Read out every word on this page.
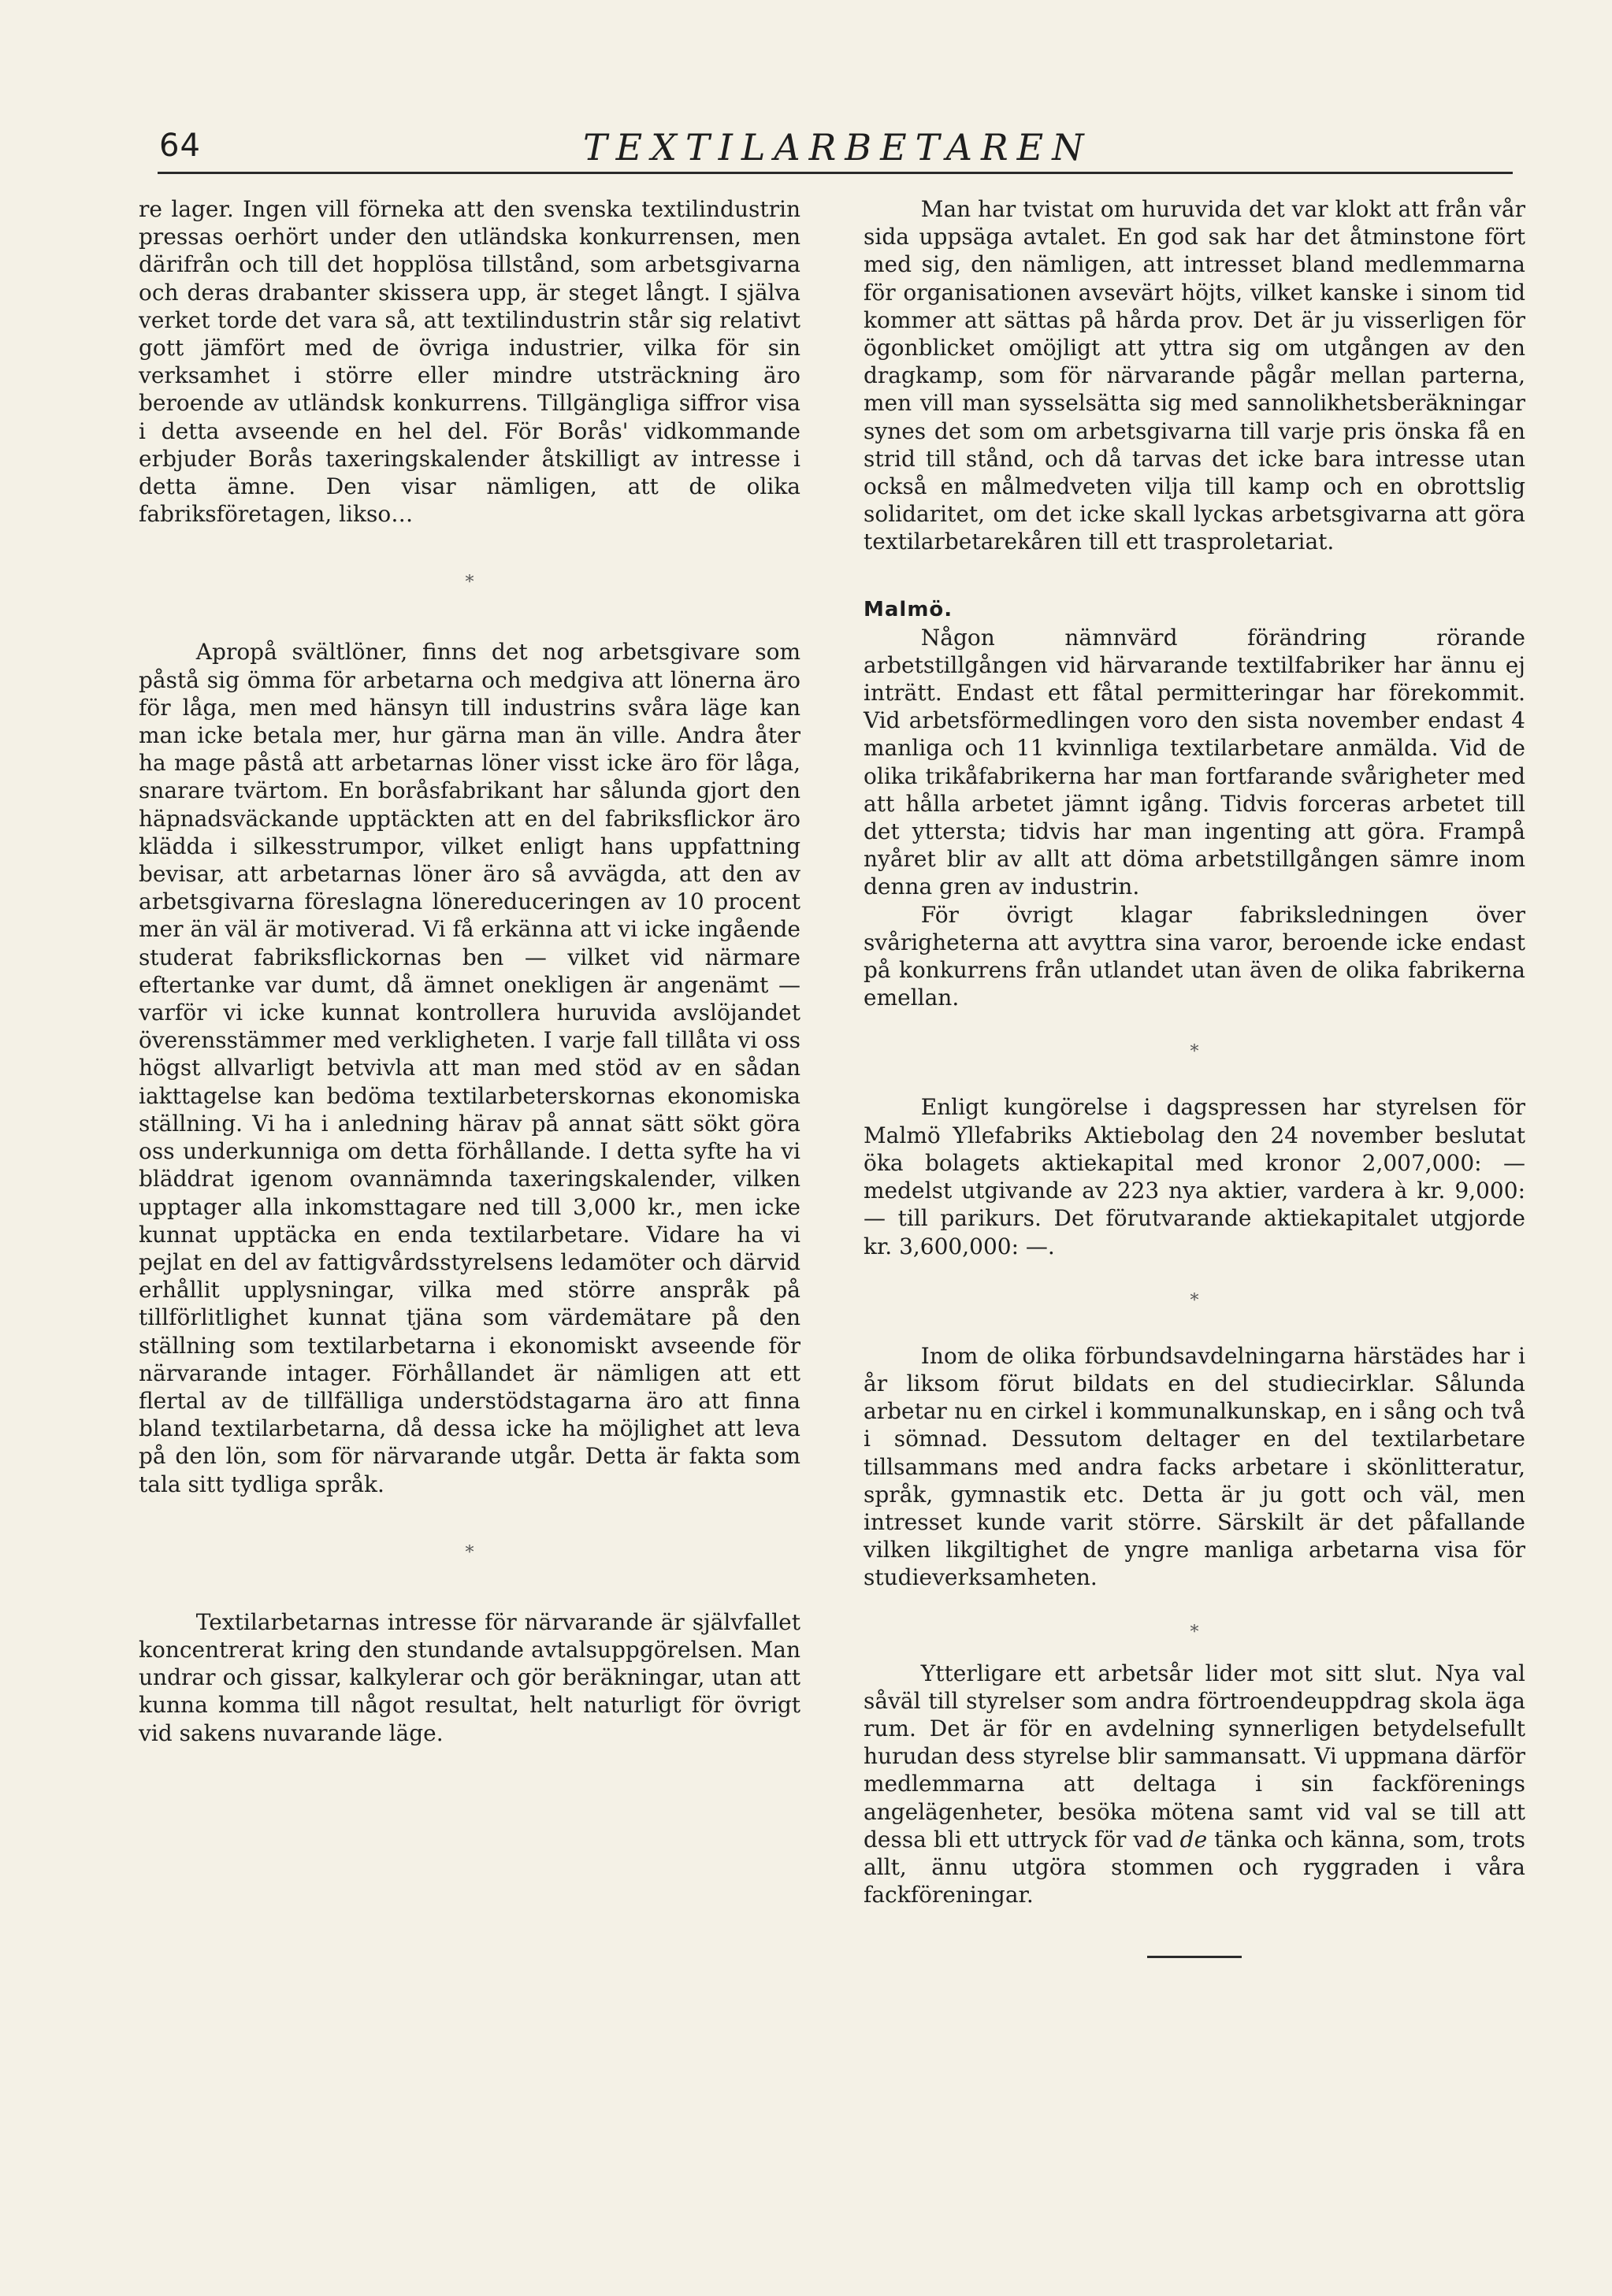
64	TEXTILARBETAREN

re lager. Ingen vill förneka att den svenska textilindustrin pressas oerhört under den utländska konkurrensen, men därifrån och till det hopplösa tillstånd, som arbetsgivarna och deras drabanter skissera upp, är steget långt. I själva verket torde det vara så, att textilindustrin står sig relativt gott jämfört med de övriga industrier, vilka för sin verksamhet i större eller mindre utsträckning äro beroende av utländsk konkurrens. Tillgängliga siffror visa i detta avseende en hel del. För Borås' vidkommande erbjuder Borås taxeringskalender åtskilligt av intresse i detta ämne. Den visar nämligen, att de olika fabriksföretagen, likso…

*

Apropå svältlöner, finns det nog arbetsgivare som påstå sig ömma för arbetarna och medgiva att lönerna äro för låga, men med hänsyn till industrins svåra läge kan man icke betala mer, hur gärna man än ville. Andra åter ha mage påstå att arbetarnas löner visst icke äro för låga, snarare tvärtom. En boråsfabrikant har sålunda gjort den häpnadsväckande upptäckten att en del fabriksflickor äro klädda i silkesstrumpor, vilket enligt hans uppfattning bevisar, att arbetarnas löner äro så avvägda, att den av arbetsgivarna föreslagna lönereduceringen av 10 procent mer än väl är motiverad. Vi få erkänna att vi icke ingående studerat fabriksflickornas ben — vilket vid närmare eftertanke var dumt, då ämnet onekligen är angenämt — varför vi icke kunnat kontrollera huruvida avslöjandet överensstämmer med verkligheten. I varje fall tillåta vi oss högst allvarligt betvivla att man med stöd av en sådan iakttagelse kan bedöma textilarbeterskornas ekonomiska ställning. Vi ha i anledning härav på annat sätt sökt göra oss underkunniga om detta förhållande. I detta syfte ha vi bläddrat igenom ovannämnda taxeringskalender, vilken upptager alla inkomsttagare ned till 3,000 kr., men icke kunnat upptäcka en enda textilarbetare. Vidare ha vi pejlat en del av fattigvårdsstyrelsens ledamöter och därvid erhållit upplysningar, vilka med större anspråk på tillförlitlighet kunnat tjäna som värdemätare på den ställning som textilarbetarna i ekonomiskt avseende för närvarande intager. Förhållandet är nämligen att ett flertal av de tillfälliga understödstagarna äro att finna bland textilarbetarna, då dessa icke ha möjlighet att leva på den lön, som för närvarande utgår. Detta är fakta som tala sitt tydliga språk.

*

Textilarbetarnas intresse för närvarande är självfallet koncentrerat kring den stundande avtalsuppgörelsen. Man undrar och gissar, kalkylerar och gör beräkningar, utan att kunna komma till något resultat, helt naturligt för övrigt vid sakens nuvarande läge.

Man har tvistat om huruvida det var klokt att från vår sida uppsäga avtalet. En god sak har det åtminstone fört med sig, den nämligen, att intresset bland medlemmarna för organisationen avsevärt höjts, vilket kanske i sinom tid kommer att sättas på hårda prov. Det är ju visserligen för ögonblicket omöjligt att yttra sig om utgången av den dragkamp, som för närvarande pågår mellan parterna, men vill man sysselsätta sig med sannolikhetsberäkningar synes det som om arbetsgivarna till varje pris önska få en strid till stånd, och då tarvas det icke bara intresse utan också en målmedveten vilja till kamp och en obrottslig solidaritet, om det icke skall lyckas arbetsgivarna att göra textilarbetarekåren till ett trasproletariat.

Malmö.

Någon nämnvärd förändring rörande arbetstillgången vid härvarande textilfabriker har ännu ej inträtt. Endast ett fåtal permitteringar har förekommit. Vid arbetsförmedlingen voro den sista november endast 4 manliga och 11 kvinnliga textilarbetare anmälda. Vid de olika trikåfabrikerna har man fortfarande svårigheter med att hålla arbetet jämnt igång. Tidvis forceras arbetet till det yttersta; tidvis har man ingenting att göra. Frampå nyåret blir av allt att döma arbetstillgången sämre inom denna gren av industrin.

För övrigt klagar fabriksledningen över svårigheterna att avyttra sina varor, beroende icke endast på konkurrens från utlandet utan även de olika fabrikerna emellan.

*

Enligt kungörelse i dagspressen har styrelsen för Malmö Yllefabriks Aktiebolag den 24 november beslutat öka bolagets aktiekapital med kronor 2,007,000: — medelst utgivande av 223 nya aktier, vardera à kr. 9,000: — till parikurs. Det förutvarande aktiekapitalet utgjorde kr. 3,600,000: —.

*

Inom de olika förbundsavdelningarna härstädes har i år liksom förut bildats en del studiecirklar. Sålunda arbetar nu en cirkel i kommunalkunskap, en i sång och två i sömnad. Dessutom deltager en del textilarbetare tillsammans med andra facks arbetare i skönlitteratur, språk, gymnastik etc. Detta är ju gott och väl, men intresset kunde varit större. Särskilt är det påfallande vilken likgiltighet de yngre manliga arbetarna visa för studieverksamheten.

*

Ytterligare ett arbetsår lider mot sitt slut. Nya val såväl till styrelser som andra förtroendeuppdrag skola äga rum. Det är för en avdelning synnerligen betydelsefullt hurudan dess styrelse blir sammansatt. Vi uppmana därför medlemmarna att deltaga i sin fackförenings angelägenheter, besöka mötena samt vid val se till att dessa bli ett uttryck för vad de tänka och känna, som, trots allt, ännu utgöra stommen och ryggraden i våra fackföreningar.
